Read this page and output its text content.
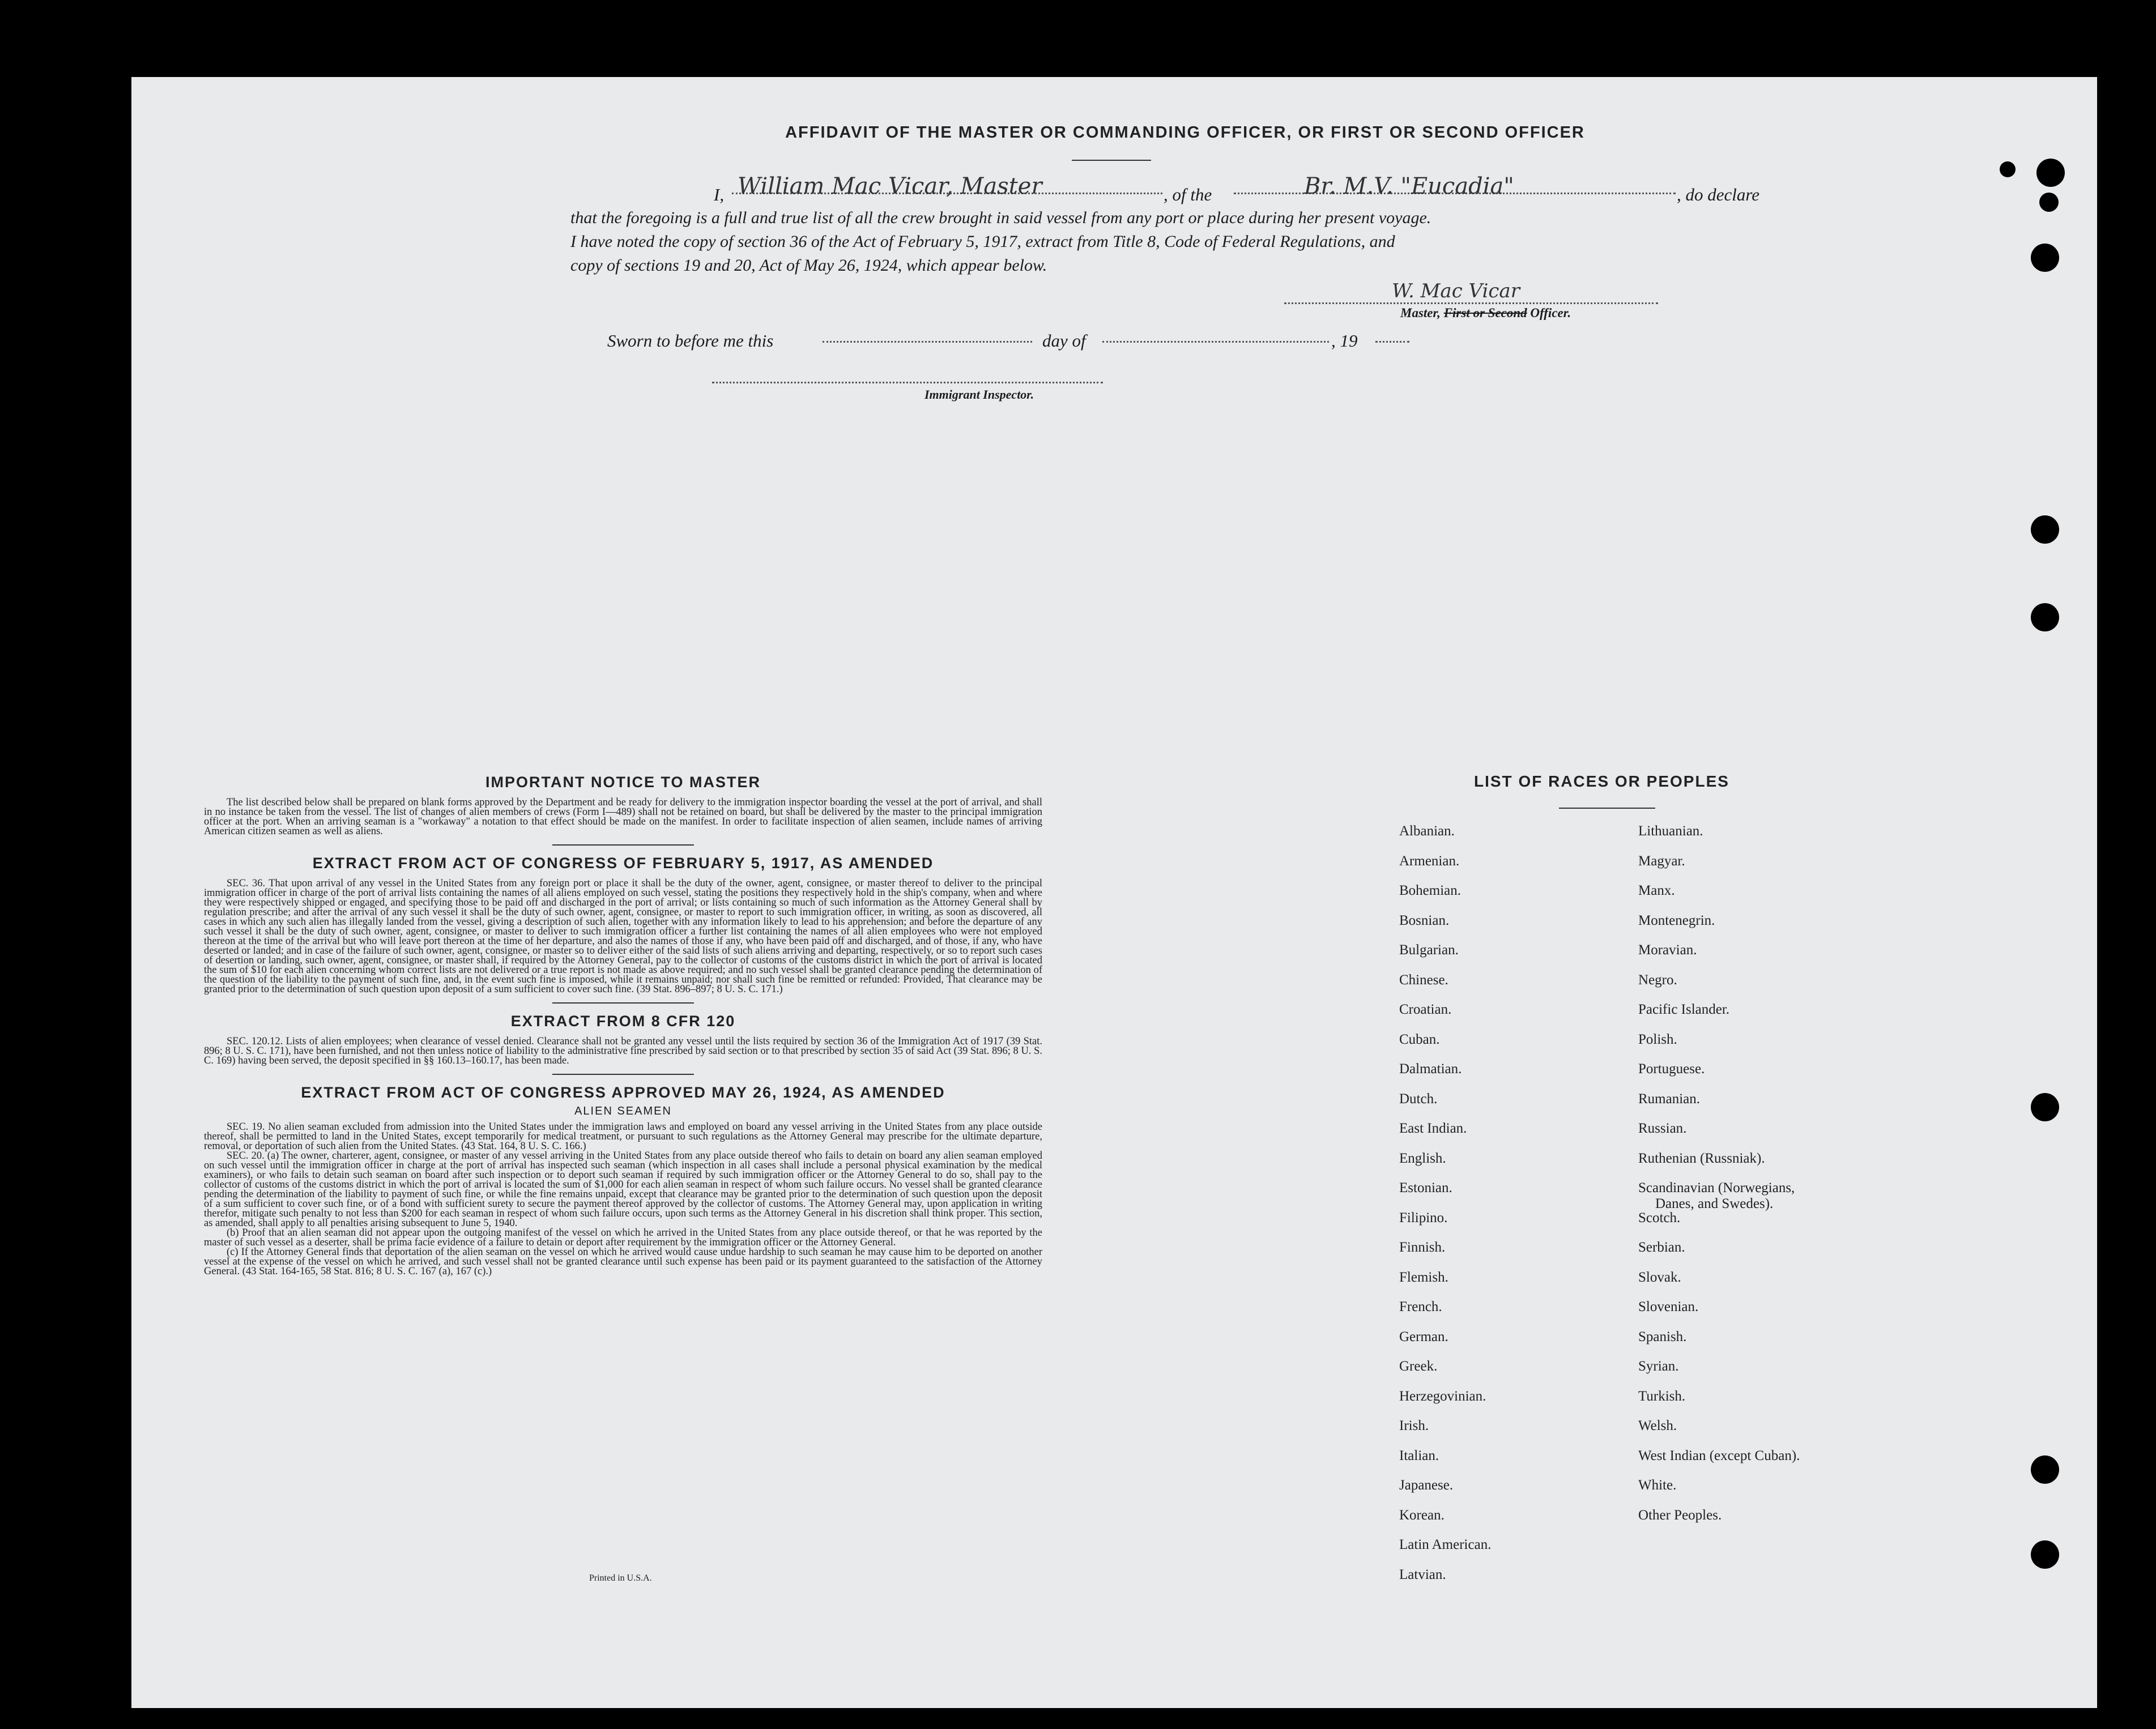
AFFIDAVIT OF THE MASTER OR COMMANDING OFFICER, OR FIRST OR SECOND OFFICER
I, William Mac Vicar, Master	, of the	Br. M.V. "Eucadia"	, do declare
that the foregoing is a full and true list of all the crew brought in said vessel from any port or place during her present voyage.
I have noted the copy of section 36 of the Act of February 5, 1917, extract from Title 8, Code of Federal Regulations, and
copy of sections 19 and 20, Act of May 26, 1924, which appear below.
W. Mac Vicar
Master, First or Second Officer.
Sworn to before me this	day of	, 19
Immigrant Inspector.
IMPORTANT NOTICE TO MASTER
The list described below shall be prepared on blank forms approved by the Department and be ready for delivery to the immigration inspector boarding the vessel at the port of arrival, and shall in no instance be taken from the vessel. The list of changes of alien members of crews (Form I—489) shall not be retained on board, but shall be delivered by the master to the principal immigration officer at the port. When an arriving seaman is a "workaway" a notation to that effect should be made on the manifest. In order to facilitate inspection of alien seamen, include names of arriving American citizen seamen as well as aliens.
EXTRACT FROM ACT OF CONGRESS OF FEBRUARY 5, 1917, AS AMENDED
SEC. 36. That upon arrival of any vessel in the United States from any foreign port or place it shall be the duty of the owner, agent, consignee, or master thereof to deliver to the principal immigration officer in charge of the port of arrival lists containing the names of all aliens employed on such vessel, stating the positions they respectively hold in the ship's company, when and where they were respectively shipped or engaged, and specifying those to be paid off and discharged in the port of arrival; or lists containing so much of such information as the Attorney General shall by regulation prescribe; and after the arrival of any such vessel it shall be the duty of such owner, agent, consignee, or master to report to such immigration officer, in writing, as soon as discovered, all cases in which any such alien has illegally landed from the vessel, giving a description of such alien, together with any information likely to lead to his apprehension; and before the departure of any such vessel it shall be the duty of such owner, agent, consignee, or master to deliver to such immigration officer a further list containing the names of all alien employees who were not employed thereon at the time of the arrival but who will leave port thereon at the time of her departure, and also the names of those if any, who have been paid off and discharged, and of those, if any, who have deserted or landed; and in case of the failure of such owner, agent, consignee, or master so to deliver either of the said lists of such aliens arriving and departing, respectively, or so to report such cases of desertion or landing, such owner, agent, consignee, or master shall, if required by the Attorney General, pay to the collector of customs of the customs district in which the port of arrival is located the sum of $10 for each alien concerning whom correct lists are not delivered or a true report is not made as above required; and no such vessel shall be granted clearance pending the determination of the question of the liability to the payment of such fine, and, in the event such fine is imposed, while it remains unpaid; nor shall such fine be remitted or refunded: Provided, That clearance may be granted prior to the determination of such question upon deposit of a sum sufficient to cover such fine. (39 Stat. 896–897; 8 U. S. C. 171.)
EXTRACT FROM 8 CFR 120
SEC. 120.12. Lists of alien employees; when clearance of vessel denied. Clearance shall not be granted any vessel until the lists required by section 36 of the Immigration Act of 1917 (39 Stat. 896; 8 U. S. C. 171), have been furnished, and not then unless notice of liability to the administrative fine prescribed by said section or to that prescribed by section 35 of said Act (39 Stat. 896; 8 U. S. C. 169) having been served, the deposit specified in §§ 160.13–160.17, has been made.
EXTRACT FROM ACT OF CONGRESS APPROVED MAY 26, 1924, AS AMENDED
ALIEN SEAMEN
SEC. 19. No alien seaman excluded from admission into the United States under the immigration laws and employed on board any vessel arriving in the United States from any place outside thereof, shall be permitted to land in the United States, except temporarily for medical treatment, or pursuant to such regulations as the Attorney General may prescribe for the ultimate departure, removal, or deportation of such alien from the United States. (43 Stat. 164, 8 U. S. C. 166.)
SEC. 20. (a) The owner, charterer, agent, consignee, or master of any vessel arriving in the United States from any place outside thereof who fails to detain on board any alien seaman employed on such vessel until the immigration officer in charge at the port of arrival has inspected such seaman (which inspection in all cases shall include a personal physical examination by the medical examiners), or who fails to detain such seaman on board after such inspection or to deport such seaman if required by such immigration officer or the Attorney General to do so, shall pay to the collector of customs of the customs district in which the port of arrival is located the sum of $1,000 for each alien seaman in respect of whom such failure occurs. No vessel shall be granted clearance pending the determination of the liability to payment of such fine, or while the fine remains unpaid, except that clearance may be granted prior to the determination of such question upon the deposit of a sum sufficient to cover such fine, or of a bond with sufficient surety to secure the payment thereof approved by the collector of customs. The Attorney General may, upon application in writing therefor, mitigate such penalty to not less than $200 for each seaman in respect of whom such failure occurs, upon such terms as the Attorney General in his discretion shall think proper. This section, as amended, shall apply to all penalties arising subsequent to June 5, 1940.
(b) Proof that an alien seaman did not appear upon the outgoing manifest of the vessel on which he arrived in the United States from any place outside thereof, or that he was reported by the master of such vessel as a deserter, shall be prima facie evidence of a failure to detain or deport after requirement by the immigration officer or the Attorney General.
(c) If the Attorney General finds that deportation of the alien seaman on the vessel on which he arrived would cause undue hardship to such seaman he may cause him to be deported on another vessel at the expense of the vessel on which he arrived, and such vessel shall not be granted clearance until such expense has been paid or its payment guaranteed to the satisfaction of the Attorney General. (43 Stat. 164-165, 58 Stat. 816; 8 U. S. C. 167 (a), 167 (c).)
Printed in U.S.A.
LIST OF RACES OR PEOPLES
Albanian.
Armenian.
Bohemian.
Bosnian.
Bulgarian.
Chinese.
Croatian.
Cuban.
Dalmatian.
Dutch.
East Indian.
English.
Estonian.
Filipino.
Finnish.
Flemish.
French.
German.
Greek.
Herzegovinian.
Irish.
Italian.
Japanese.
Korean.
Latin American.
Latvian.
Lithuanian.
Magyar.
Manx.
Montenegrin.
Moravian.
Negro.
Pacific Islander.
Polish.
Portuguese.
Rumanian.
Russian.
Ruthenian (Russniak).
Scandinavian (Norwegians,
Danes, and Swedes).
Scotch.
Serbian.
Slovak.
Slovenian.
Spanish.
Syrian.
Turkish.
Welsh.
West Indian (except Cuban).
White.
Other Peoples.
